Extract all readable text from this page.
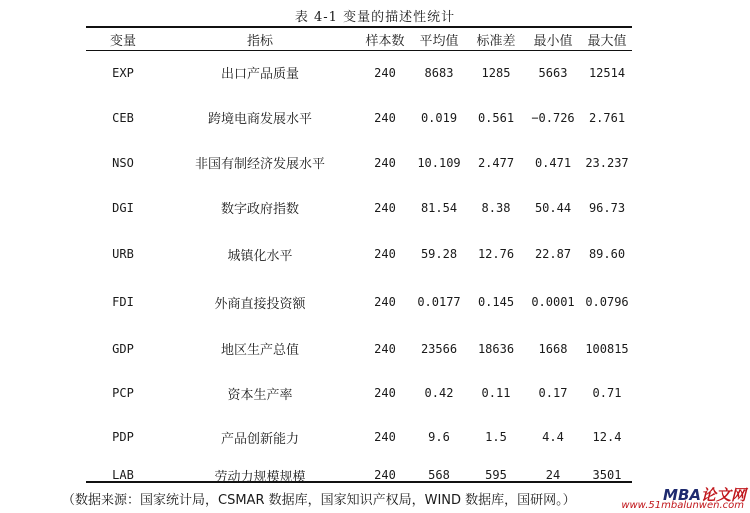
表 4-1 变量的描述性统计
变量	指标	样本数	平均值	标准差	最小值	最大值
EXP	出口产品质量	240	8683	1285	5663	12514
CEB	跨境电商发展水平	240	0.019	0.561	−0.726	2.761
NSO	非国有制经济发展水平	240	10.109	2.477	0.471	23.237
DGI	数字政府指数	240	81.54	8.38	50.44	96.73
URB	城镇化水平	240	59.28	12.76	22.87	89.60
FDI	外商直接投资额	240	0.0177	0.145	0.0001	0.0796
GDP	地区生产总值	240	23566	18636	1668	100815
PCP	资本生产率	240	0.42	0.11	0.17	0.71
PDP	产品创新能力	240	9.6	1.5	4.4	12.4
LAB	劳动力规模规模	240	568	595	24	3501
（数据来源：国家统计局，CSMAR 数据库，国家知识产权局，WIND 数据库，国研网。）	MBA论文网
www.51mbalunwen.com
